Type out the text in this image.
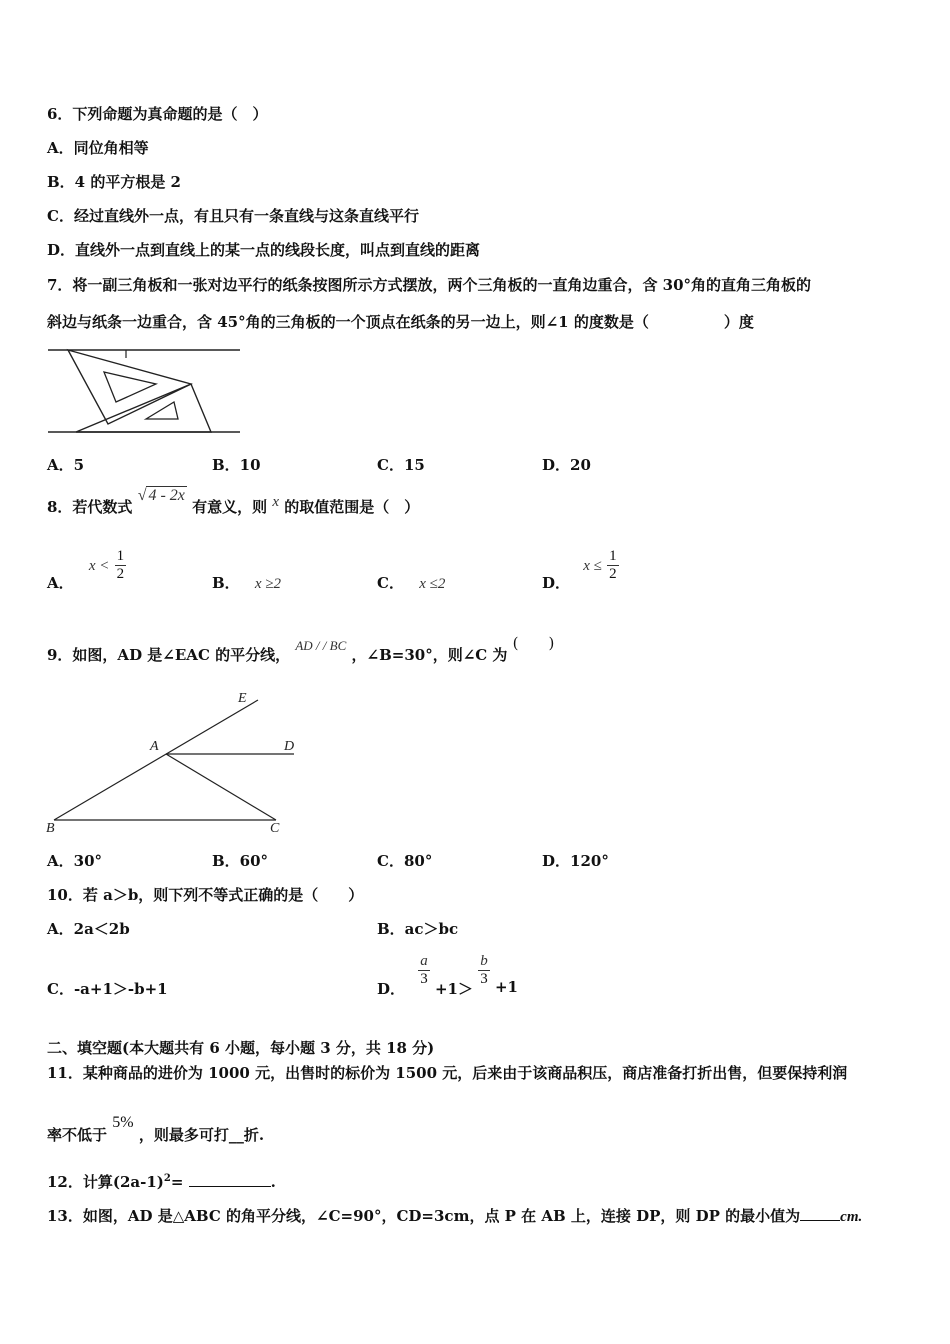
6．下列命题为真命题的是（　）
A．同位角相等
B．4 的平方根是 2
C．经过直线外一点，有且只有一条直线与这条直线平行
D．直线外一点到直线上的某一点的线段长度，叫点到直线的距离
7．将一副三角板和一张对边平行的纸条按图所示方式摆放，两个三角板的一直角边重合，含 30°角的直角三角板的
斜边与纸条一边重合，含 45°角的三角板的一个顶点在纸条的另一边上，则∠1 的度数是（　　　　　）度
A．5	B．10	C．15	D．20
8．若代数式 √ 4 - 2x 有意义，则 x 的取值范围是（　）
A． $x < \frac{1}{2}$	B． x ≥2	C． x ≤2	D． $x \le \frac{1}{2}$
9．如图，AD 是∠EAC 的平分线， AD / / BC ，∠B=30°，则∠C 为 (　　)
E
A	D
B	C
A．30°	B．60°	C．80°	D．120°
10．若 a＞b，则下列不等式正确的是（　　）
A．2a＜2b	B．ac＞bc
C．-a+1＞-b+1	D．
$\frac{a}{3}$
+1＞
$\frac{b}{3} +1$
二、填空题(本大题共有 6 小题，每小题 3 分，共 18 分)
11．某种商品的进价为 1000 元，出售时的标价为 1500 元，后来由于该商品积压，商店准备打折出售，但要保持利润
率不低于 5% ，则最多可打__折.
12．计算$(2a-1)^2=$	.
13．如图，AD 是△ABC 的角平分线，∠C=90°，CD=3cm，点 P 在 AB 上，连接 DP，则 DP 的最小值为	cm.
